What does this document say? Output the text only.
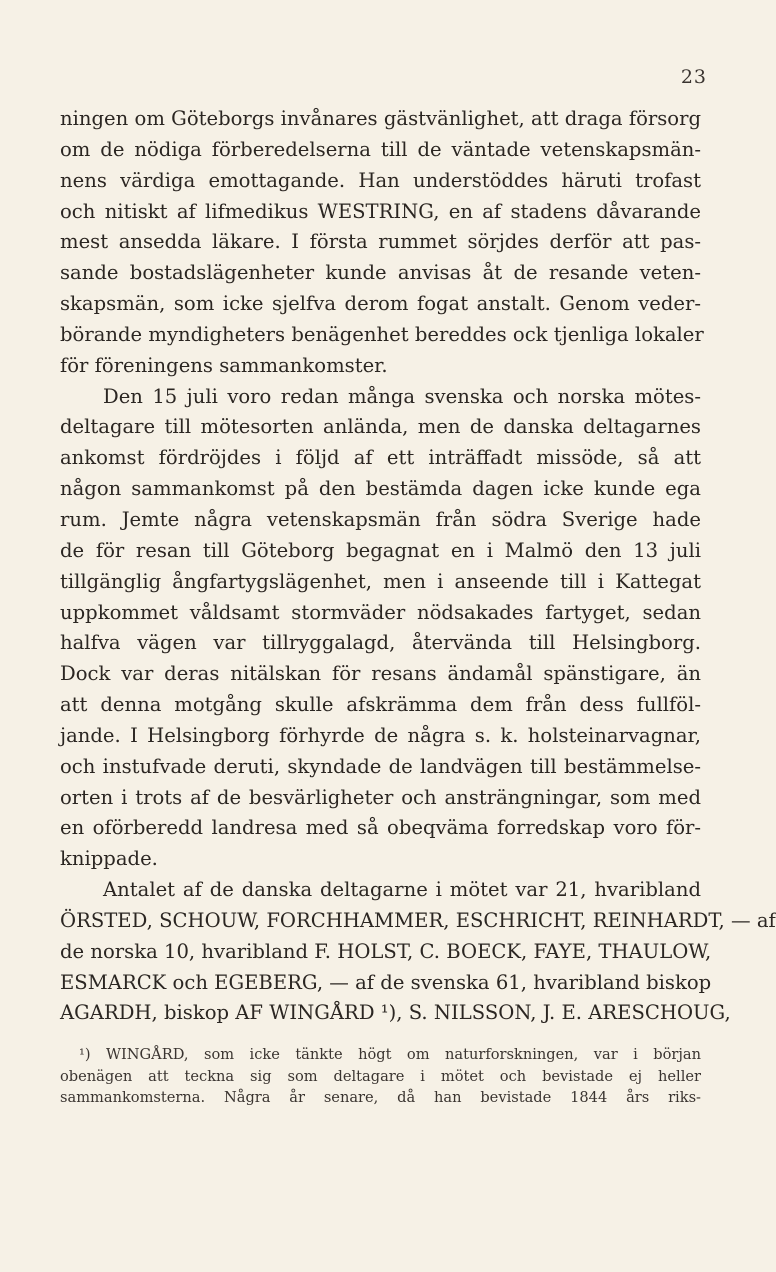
23
ningen om Göteborgs invånares gästvänlighet, att draga försorg
om de nödiga förberedelserna till de väntade vetenskapsmän-
nens värdiga emottagande. Han understöddes häruti trofast
och nitiskt af lifmedikus WESTRING, en af stadens dåvarande
mest ansedda läkare. I första rummet sörjdes derför att pas-
sande bostadslägenheter kunde anvisas åt de resande veten-
skapsmän, som icke sjelfva derom fogat anstalt. Genom veder-
börande myndigheters benägenhet bereddes ock tjenliga lokaler
för föreningens sammankomster.
Den 15 juli voro redan många svenska och norska mötes-
deltagare till mötesorten anlända, men de danska deltagarnes
ankomst fördröjdes i följd af ett inträffadt missöde, så att
någon sammankomst på den bestämda dagen icke kunde ega
rum. Jemte några vetenskapsmän från södra Sverige hade
de för resan till Göteborg begagnat en i Malmö den 13 juli
tillgänglig ångfartygslägenhet, men i anseende till i Kattegat
uppkommet våldsamt stormväder nödsakades fartyget, sedan
halfva vägen var tillryggalagd, återvända till Helsingborg.
Dock var deras nitälskan för resans ändamål spänstigare, än
att denna motgång skulle afskrämma dem från dess fullföl-
jande. I Helsingborg förhyrde de några s. k. holsteinarvagnar,
och instufvade deruti, skyndade de landvägen till bestämmelse-
orten i trots af de besvärligheter och ansträngningar, som med
en oförberedd landresa med så obeqväma forredskap voro för-
knippade.
Antalet af de danska deltagarne i mötet var 21, hvaribland
ÖRSTED, SCHOUW, FORCHHAMMER, ESCHRICHT, REINHARDT, — af
de norska 10, hvaribland F. HOLST, C. BOECK, FAYE, THAULOW,
ESMARCK och EGEBERG, — af de svenska 61, hvaribland biskop
AGARDH, biskop AF WINGÅRD ¹), S. NILSSON, J. E. ARESCHOUG,
¹) WINGÅRD, som icke tänkte högt om naturforskningen, var i början
obenägen att teckna sig som deltagare i mötet och bevistade ej heller
sammankomsterna. Några år senare, då han bevistade 1844 års riks-
